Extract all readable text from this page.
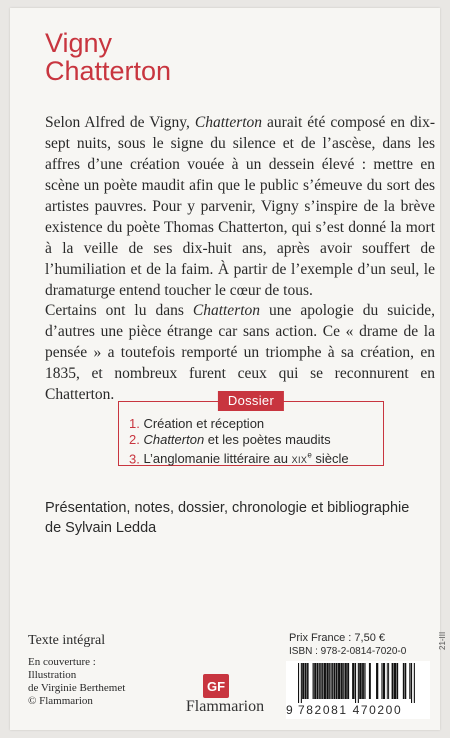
Vigny
Chatterton

Selon Alfred de Vigny, Chatterton aurait été composé en dix-sept nuits, sous le signe du silence et de l’ascèse, dans les affres d’une création vouée à un dessein élevé : mettre en scène un poète maudit afin que le public s’émeuve du sort des artistes pauvres. Pour y parvenir, Vigny s’inspire de la brève existence du poète Thomas Chatterton, qui s’est donné la mort à la veille de ses dix-huit ans, après avoir souffert de l’humiliation et de la faim. À partir de l’exemple d’un seul, le dramaturge entend toucher le cœur de tous.

Certains ont lu dans Chatterton une apologie du suicide, d’autres une pièce étrange car sans action. Ce « drame de la pensée » a toutefois remporté un triomphe à sa création, en 1835, et nombreux furent ceux qui se reconnurent en Chatterton.	Dossier
1. Création et réception
2. Chatterton et les poètes maudits
3. L’anglomanie littéraire au XIXe siècle
Présentation, notes, dossier, chronologie et bibliographie
de Sylvain Ledda
Texte intégral
En couverture :
Illustration
de Virginie Berthemet
© Flammarion
Prix France : 7,50 €
ISBN : 978-2-0814-7020-0
9 782081 470200
GF
Flammarion
21-III
